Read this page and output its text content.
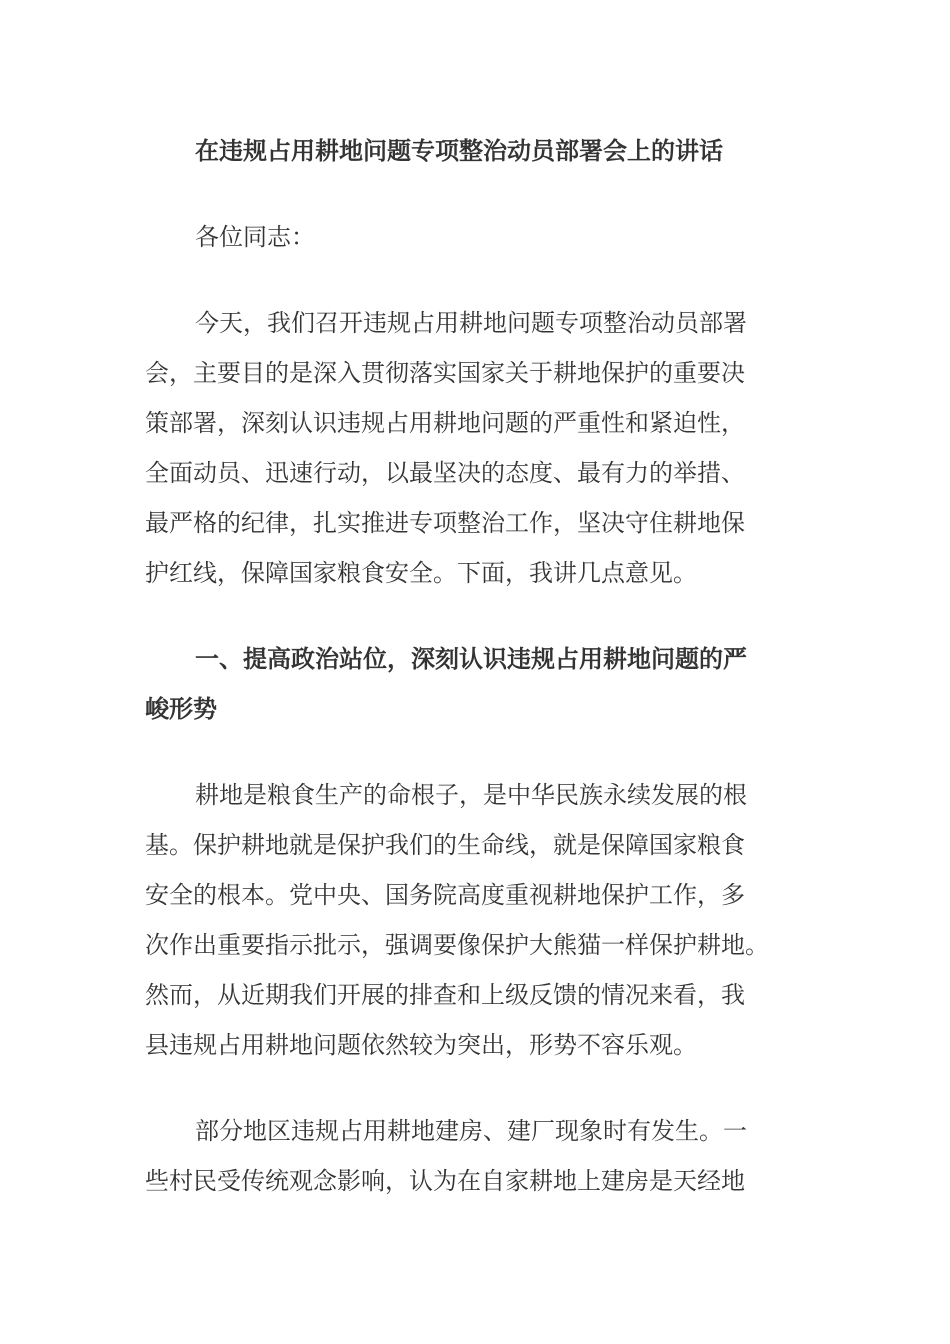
在违规占用耕地问题专项整治动员部署会上的讲话

各位同志：

今天，我们召开违规占用耕地问题专项整治动员部署
会，主要目的是深入贯彻落实国家关于耕地保护的重要决
策部署，深刻认识违规占用耕地问题的严重性和紧迫性，
全面动员、迅速行动，以最坚决的态度、最有力的举措、
最严格的纪律，扎实推进专项整治工作，坚决守住耕地保
护红线，保障国家粮食安全。下面，我讲几点意见。
一、提高政治站位，深刻认识违规占用耕地问题的严
峻形势
耕地是粮食生产的命根子，是中华民族永续发展的根
基。保护耕地就是保护我们的生命线，就是保障国家粮食
安全的根本。党中央、国务院高度重视耕地保护工作，多
次作出重要指示批示，强调要像保护大熊猫一样保护耕地。
然而，从近期我们开展的排查和上级反馈的情况来看，我
县违规占用耕地问题依然较为突出，形势不容乐观。
部分地区违规占用耕地建房、建厂现象时有发生。一
些村民受传统观念影响，认为在自家耕地上建房是天经地
